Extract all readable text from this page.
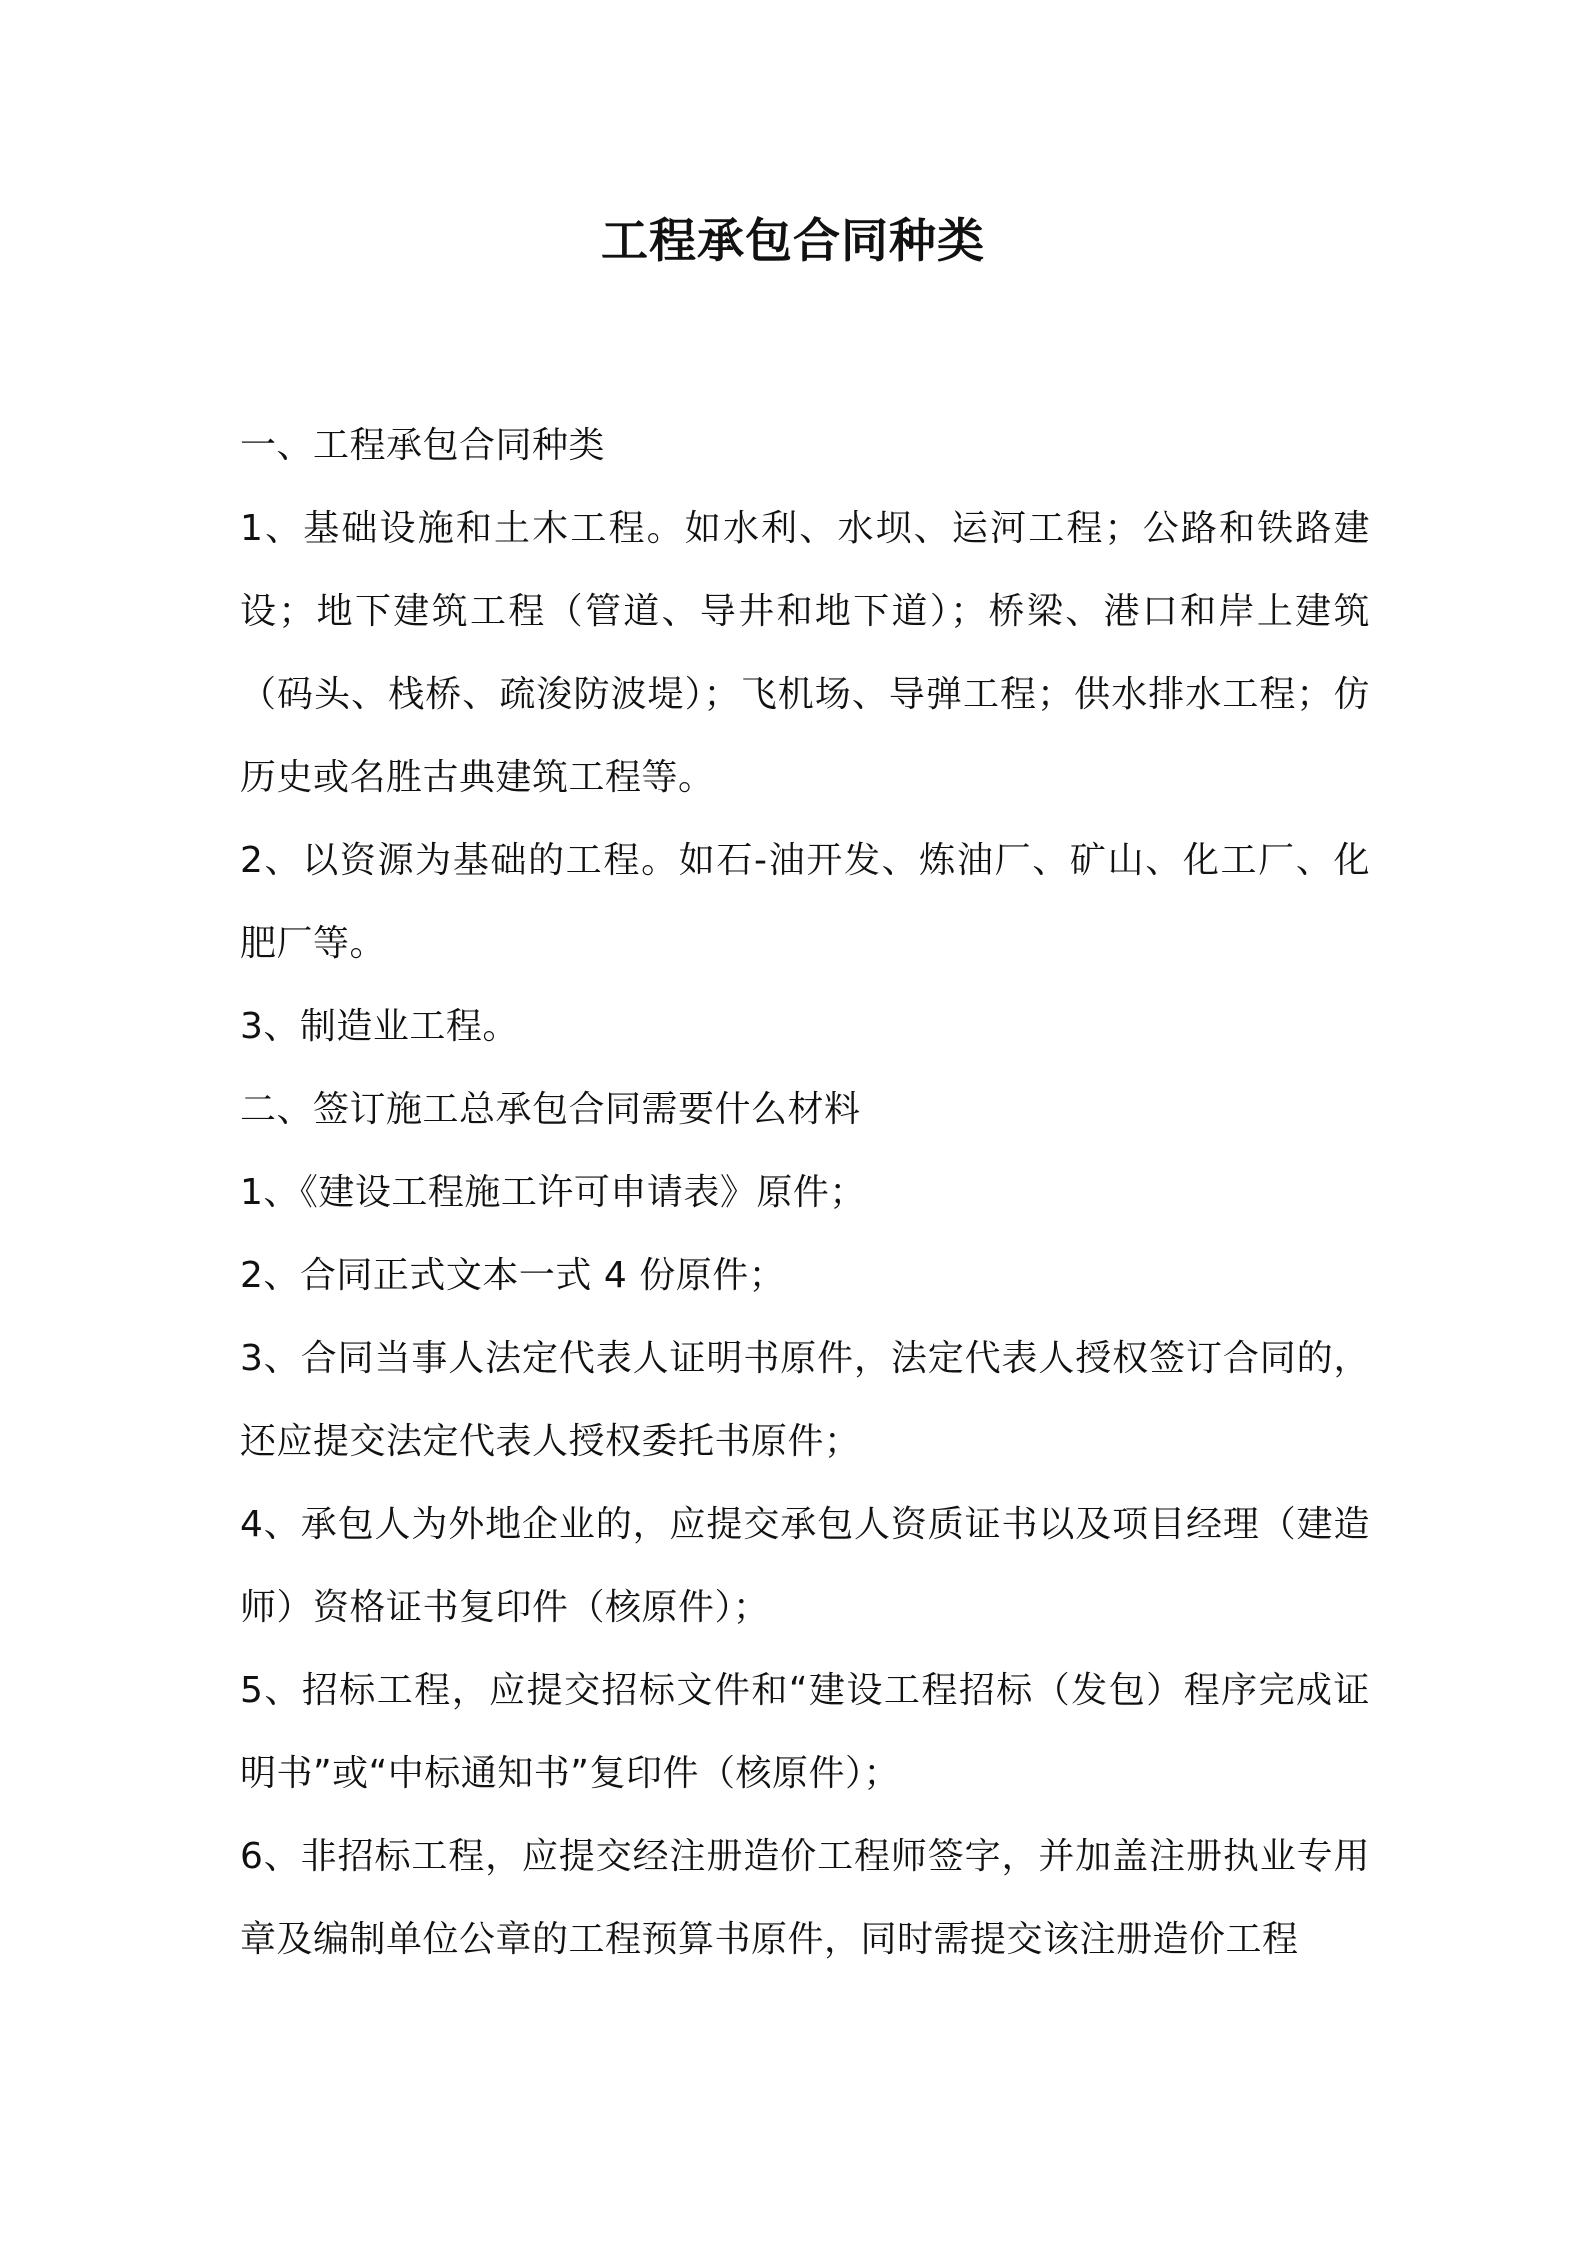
工程承包合同种类

一、工程承包合同种类

1、基础设施和土木工程。如水利、水坝、运河工程；公路和铁路建设；地下建筑工程（管道、导井和地下道）；桥梁、港口和岸上建筑（码头、栈桥、疏浚防波堤）；飞机场、导弹工程；供水排水工程；仿历史或名胜古典建筑工程等。

2、以资源为基础的工程。如石-油开发、炼油厂、矿山、化工厂、化肥厂等。

3、制造业工程。

二、签订施工总承包合同需要什么材料

1、《建设工程施工许可申请表》原件；

2、合同正式文本一式 4 份原件；

3、合同当事人法定代表人证明书原件，法定代表人授权签订合同的，还应提交法定代表人授权委托书原件；

4、承包人为外地企业的，应提交承包人资质证书以及项目经理（建造师）资格证书复印件（核原件）；

5、招标工程，应提交招标文件和“建设工程招标（发包）程序完成证明书”或“中标通知书”复印件（核原件）；

6、非招标工程，应提交经注册造价工程师签字，并加盖注册执业专用章及编制单位公章的工程预算书原件，同时需提交该注册造价工程
